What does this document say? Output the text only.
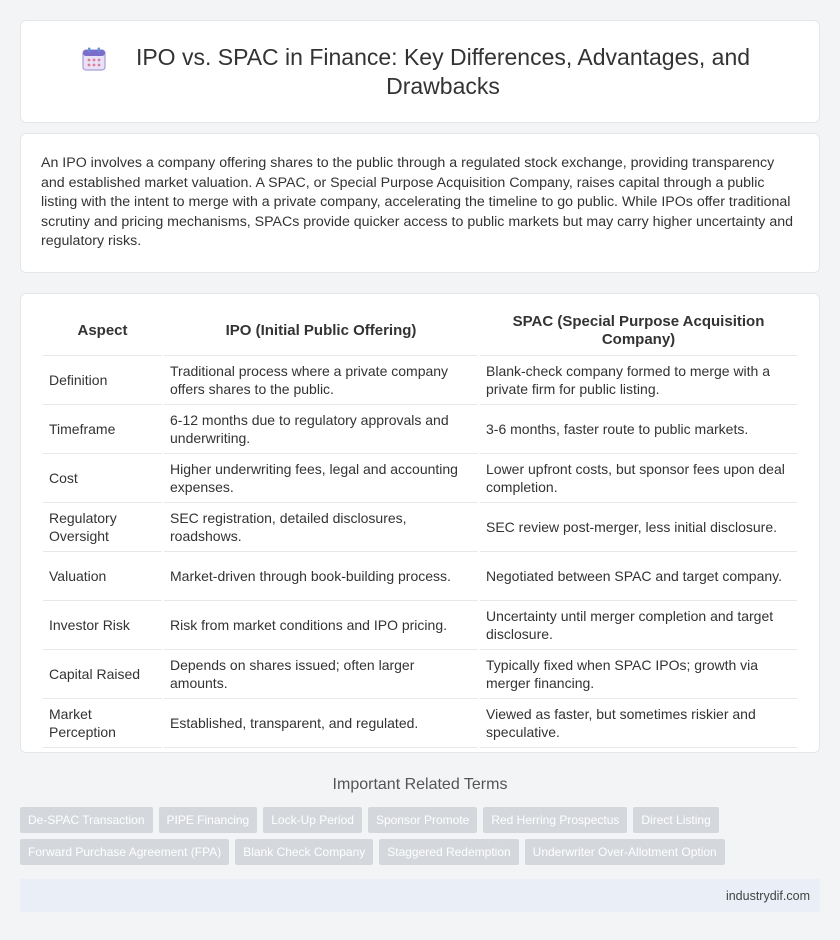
IPO vs. SPAC in Finance: Key Differences, Advantages, and Drawbacks

An IPO involves a company offering shares to the public through a regulated stock exchange, providing transparency and established market valuation. A SPAC, or Special Purpose Acquisition Company, raises capital through a public listing with the intent to merge with a private company, accelerating the timeline to go public. While IPOs offer traditional scrutiny and pricing mechanisms, SPACs provide quicker access to public markets but may carry higher uncertainty and regulatory risks.

Aspect	IPO (Initial Public Offering)	SPAC (Special Purpose Acquisition Company)
Definition	Traditional process where a private company offers shares to the public.	Blank-check company formed to merge with a private firm for public listing.
Timeframe	6-12 months due to regulatory approvals and underwriting.	3-6 months, faster route to public markets.
Cost	Higher underwriting fees, legal and accounting expenses.	Lower upfront costs, but sponsor fees upon deal completion.
Regulatory Oversight	SEC registration, detailed disclosures, roadshows.	SEC review post-merger, less initial disclosure.
Valuation	Market-driven through book-building process.	Negotiated between SPAC and target company.
Investor Risk	Risk from market conditions and IPO pricing.	Uncertainty until merger completion and target disclosure.
Capital Raised	Depends on shares issued; often larger amounts.	Typically fixed when SPAC IPOs; growth via merger financing.
Market Perception	Established, transparent, and regulated.	Viewed as faster, but sometimes riskier and speculative.
Important Related Terms
De-SPAC Transaction	PIPE Financing	Lock-Up Period	Sponsor Promote	Red Herring Prospectus	Direct Listing
Forward Purchase Agreement (FPA)	Blank Check Company	Staggered Redemption	Underwriter Over-Allotment Option
industrydif.com
